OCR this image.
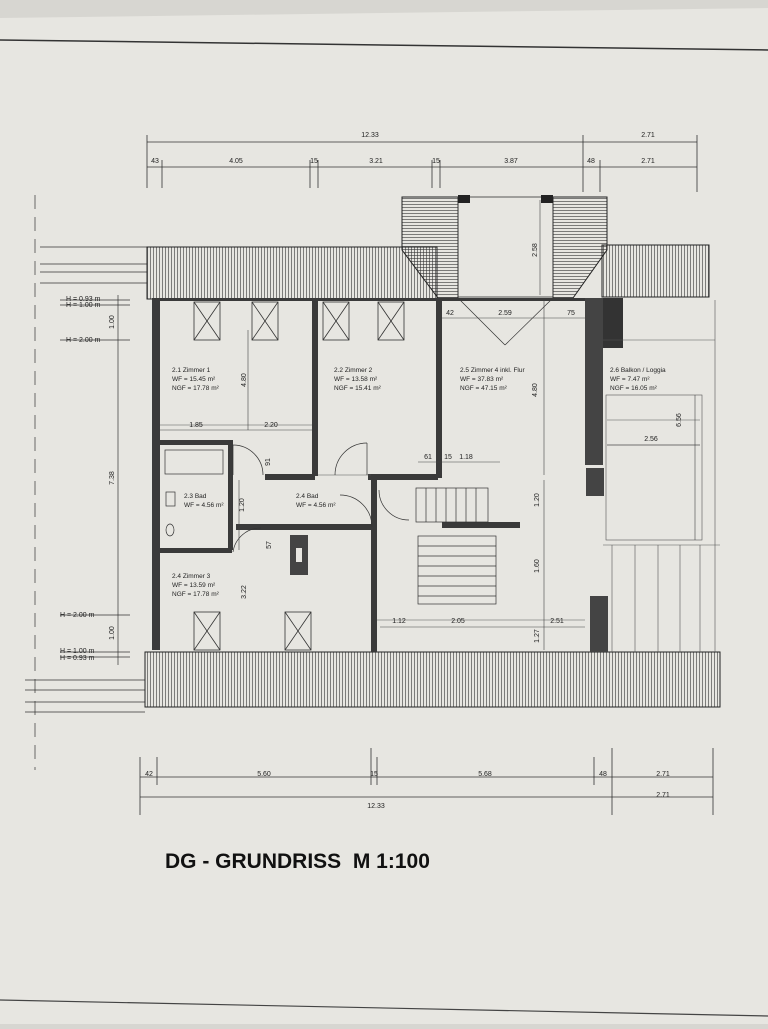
12.33	2.71
43	4.05	15	3.21	15	3.87	48	2.71
H = 0.93 m
H = 1.00 m
H = 2.00 m
H = 2.00 m
H = 1.00 m
H = 0.93 m
1.00
7.38
1.00
2.1 Zimmer 1
WF = 15.45 m²
NGF = 17.78 m²
2.2 Zimmer 2
WF = 13.58 m²
NGF = 15.41 m²
2.5 Zimmer 4 inkl. Flur
WF = 37.83 m²
NGF = 47.15 m²
2.6 Balkon / Loggia
WF = 7.47 m²
NGF = 16.05 m²
2.3 Bad
WF = 4.56 m²
2.4 Bad
WF = 4.56 m²
2.4 Zimmer 3
WF = 13.59 m²
NGF = 17.78 m²
4.80
1.85	2.20
91
1.20
57
3.22
42	2.59	75
2.58
4.80
6.56
2.56
61 15 1.18
1.20
1.60
1.12	2.05	2.51
1.27
42	5.60	15	5.68	48	2.71
12.33
2.71
DG - GRUNDRISS  M 1:100
